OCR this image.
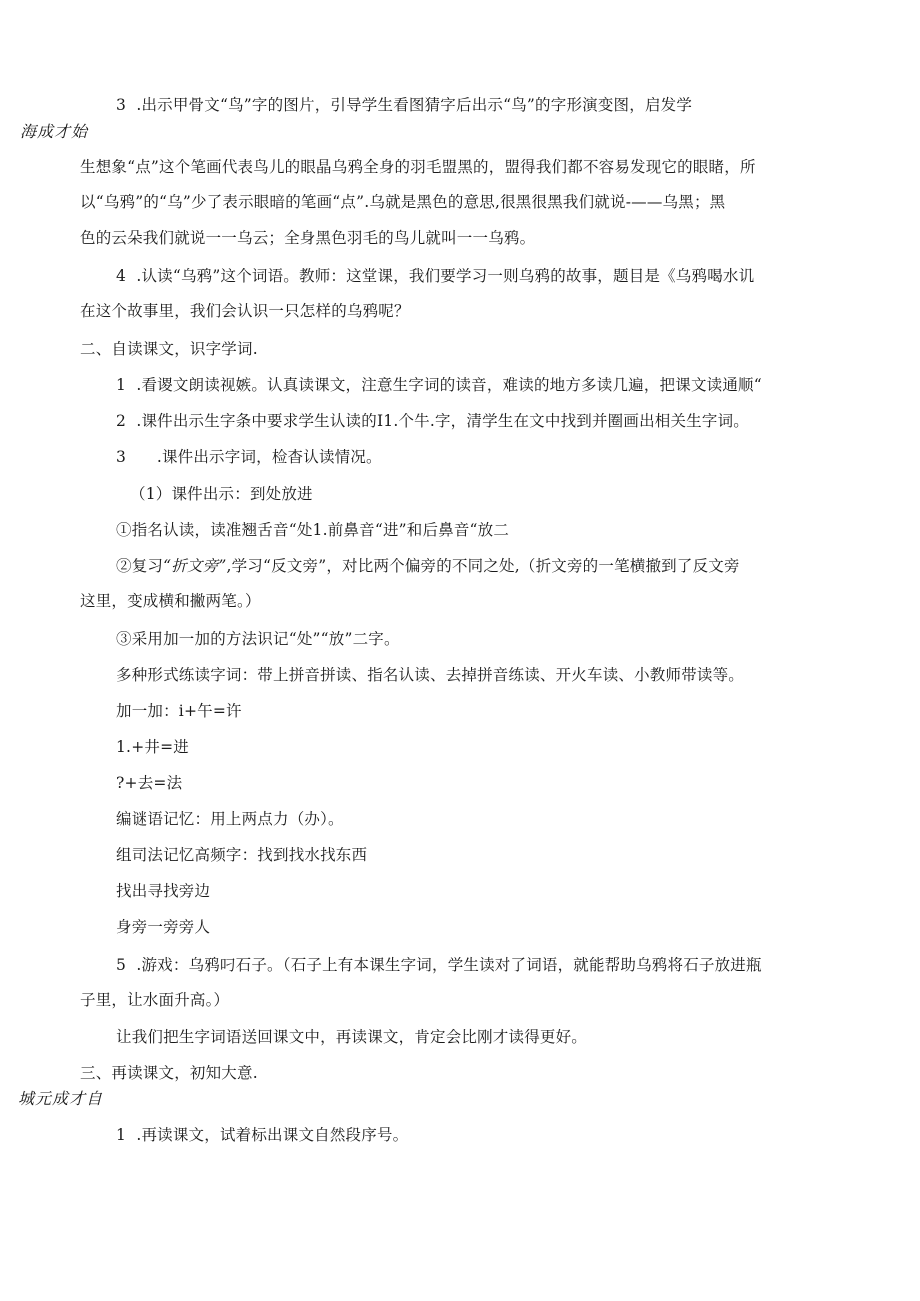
3  .出示甲骨文“鸟”字的图片，引导学生看图猜字后出示“鸟”的字形演变图，启发学
海成才始
生想象“点”这个笔画代表鸟儿的眼晶乌鸦全身的羽毛盟黑的，盟得我们都不容易发现它的眼睹，所
以“乌鸦”的“乌”少了表示眼暗的笔画“点”.乌就是黑色的意思,很黑很黑我们就说-——乌黑；黑
色的云朵我们就说一一乌云；全身黑色羽毛的鸟儿就叫一一乌鸦。
4  .认读“乌鸦”这个词语。教师：这堂课，我们要学习一则乌鸦的故事，题目是《乌鸦喝水讥
在这个故事里，我们会认识一只怎样的乌鸦呢？
二、自读课文，识字学词.
1  .看谡文朗读视嫉。认真读课文，注意生字词的读音，难读的地方多读几遍，把课文读通顺“
2  .课件出示生字条中要求学生认读的I1.个牛.字，清学生在文中找到并圈画出相关生字词。
3      .课件出示字词，检杳认读情况。
（1）课件出示：到处放进
①指名认读，读准翘舌音“处1.前鼻音“进”和后鼻音“放二
②复习“折文旁”,学习“反文旁”，对比两个偏旁的不同之处,（折文旁的一笔横撤到了反文旁
这里，变成横和撇两笔。）
③采用加一加的方法识记“处”“放”二字。
多种形式练读字词：带上拼音拼读、指名认读、去掉拼音练读、开火车读、小教师带读等。
加一加：i+午=许
1.+井=进
?+去=法
编谜语记忆：用上两点力（办）。
组司法记忆高频字：找到找水找东西
找出寻找旁边
身旁一旁旁人
5  .游戏：乌鸦叼石子。（石子上有本课生字词，学生读对了词语，就能帮助乌鸦将石子放进瓶
子里，让水面升高。）
让我们把生字词语送回课文中，再读课文，肯定会比刚才读得更好。
三、再读课文，初知大意.
城元成才自
1  .再读课文，试着标出课文自然段序号。
